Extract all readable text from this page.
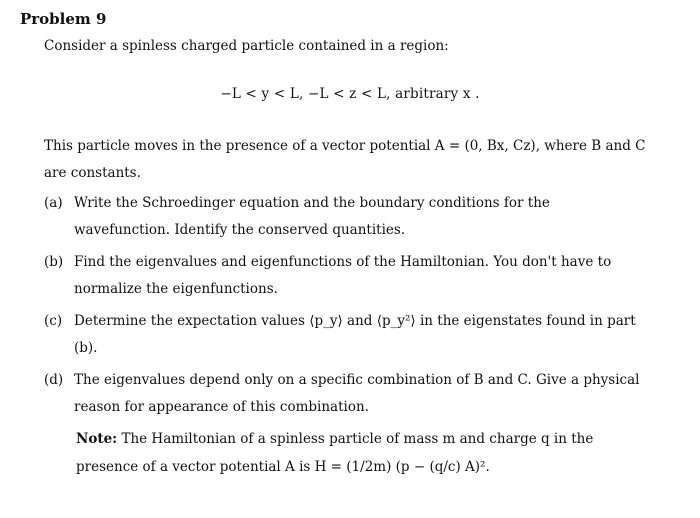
Problem 9
Consider a spinless charged particle contained in a region:
−L < y < L, −L < z < L, arbitrary x .
This particle moves in the presence of a vector potential A = (0, Bx, Cz), where B and C are constants.
(a) Write the Schroedinger equation and the boundary conditions for the wavefunction. Identify the conserved quantities.
(b) Find the eigenvalues and eigenfunctions of the Hamiltonian. You don't have to normalize the eigenfunctions.
(c) Determine the expectation values ⟨p_y⟩ and ⟨p_y²⟩ in the eigenstates found in part (b).
(d) The eigenvalues depend only on a specific combination of B and C. Give a physical reason for appearance of this combination.
Note: The Hamiltonian of a spinless particle of mass m and charge q in the presence of a vector potential A is H = (1/2m) (p − (q/c) A)².
